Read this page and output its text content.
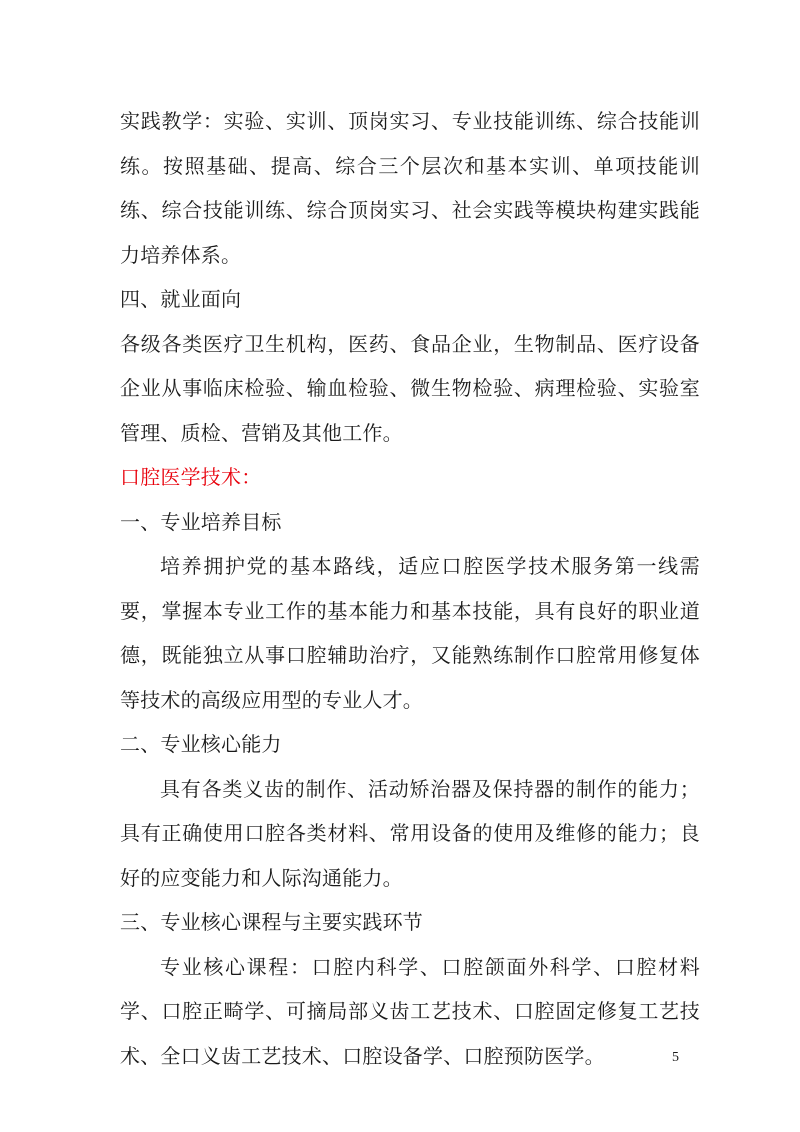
实践教学：实验、实训、顶岗实习、专业技能训练、综合技能训练。按照基础、提高、综合三个层次和基本实训、单项技能训练、综合技能训练、综合顶岗实习、社会实践等模块构建实践能力培养体系。

四、就业面向

各级各类医疗卫生机构，医药、食品企业，生物制品、医疗设备企业从事临床检验、输血检验、微生物检验、病理检验、实验室管理、质检、营销及其他工作。

口腔医学技术：

一、专业培养目标

培养拥护党的基本路线，适应口腔医学技术服务第一线需要，掌握本专业工作的基本能力和基本技能，具有良好的职业道德，既能独立从事口腔辅助治疗，又能熟练制作口腔常用修复体等技术的高级应用型的专业人才。

二、专业核心能力

具有各类义齿的制作、活动矫治器及保持器的制作的能力；具有正确使用口腔各类材料、常用设备的使用及维修的能力；良好的应变能力和人际沟通能力。

三、专业核心课程与主要实践环节

专业核心课程：口腔内科学、口腔颌面外科学、口腔材料学、口腔正畸学、可摘局部义齿工艺技术、口腔固定修复工艺技术、全口义齿工艺技术、口腔设备学、口腔预防医学。	5
